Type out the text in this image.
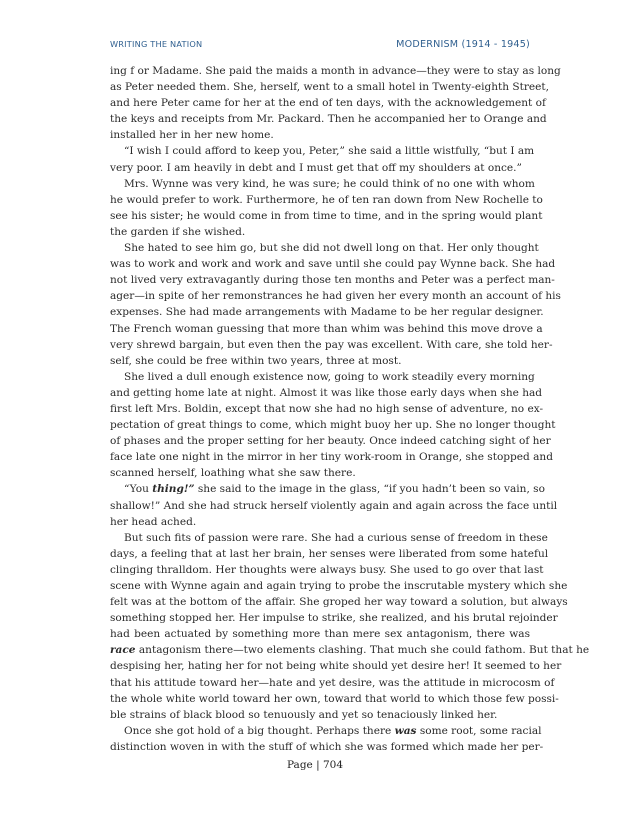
WRITING THE NATION	MODERNISM (1914 - 1945)
ing f or Madame. She paid the maids a month in advance—they were to stay as long
as Peter needed them. She, herself, went to a small hotel in Twenty-eighth Street,
and here Peter came for her at the end of ten days, with the acknowledgement of
the keys and receipts from Mr. Packard. Then he accompanied her to Orange and
installed her in her new home.
“I wish I could afford to keep you, Peter,” she said a little wistfully, “but I am
very poor. I am heavily in debt and I must get that off my shoulders at once.”
Mrs. Wynne was very kind, he was sure; he could think of no one with whom
he would prefer to work. Furthermore, he of ten ran down from New Rochelle to
see his sister; he would come in from time to time, and in the spring would plant
the garden if she wished.
She hated to see him go, but she did not dwell long on that. Her only thought
was to work and work and work and save until she could pay Wynne back. She had
not lived very extravagantly during those ten months and Peter was a perfect man-
ager—in spite of her remonstrances he had given her every month an account of his
expenses. She had made arrangements with Madame to be her regular designer.
The French woman guessing that more than whim was behind this move drove a
very shrewd bargain, but even then the pay was excellent. With care, she told her-
self, she could be free within two years, three at most.
She lived a dull enough existence now, going to work steadily every morning
and getting home late at night. Almost it was like those early days when she had
first left Mrs. Boldin, except that now she had no high sense of adventure, no ex-
pectation of great things to come, which might buoy her up. She no longer thought
of phases and the proper setting for her beauty. Once indeed catching sight of her
face late one night in the mirror in her tiny work-room in Orange, she stopped and
scanned herself, loathing what she saw there.
“You thing!” she said to the image in the glass, “if you hadn’t been so vain, so
shallow!” And she had struck herself violently again and again across the face until
her head ached.
But such fits of passion were rare. She had a curious sense of freedom in these
days, a feeling that at last her brain, her senses were liberated from some hateful
clinging thralldom. Her thoughts were always busy. She used to go over that last
scene with Wynne again and again trying to probe the inscrutable mystery which she
felt was at the bottom of the affair. She groped her way toward a solution, but always
something stopped her. Her impulse to strike, she realized, and his brutal rejoinder
had been actuated by something more than mere sex antagonism, there was
race antagonism there—two elements clashing. That much she could fathom. But that he
despising her, hating her for not being white should yet desire her! It seemed to her
that his attitude toward her—hate and yet desire, was the attitude in microcosm of
the whole white world toward her own, toward that world to which those few possi-
ble strains of black blood so tenuously and yet so tenaciously linked her.
Once she got hold of a big thought. Perhaps there was some root, some racial
distinction woven in with the stuff of which she was formed which made her per-
Page | 704
